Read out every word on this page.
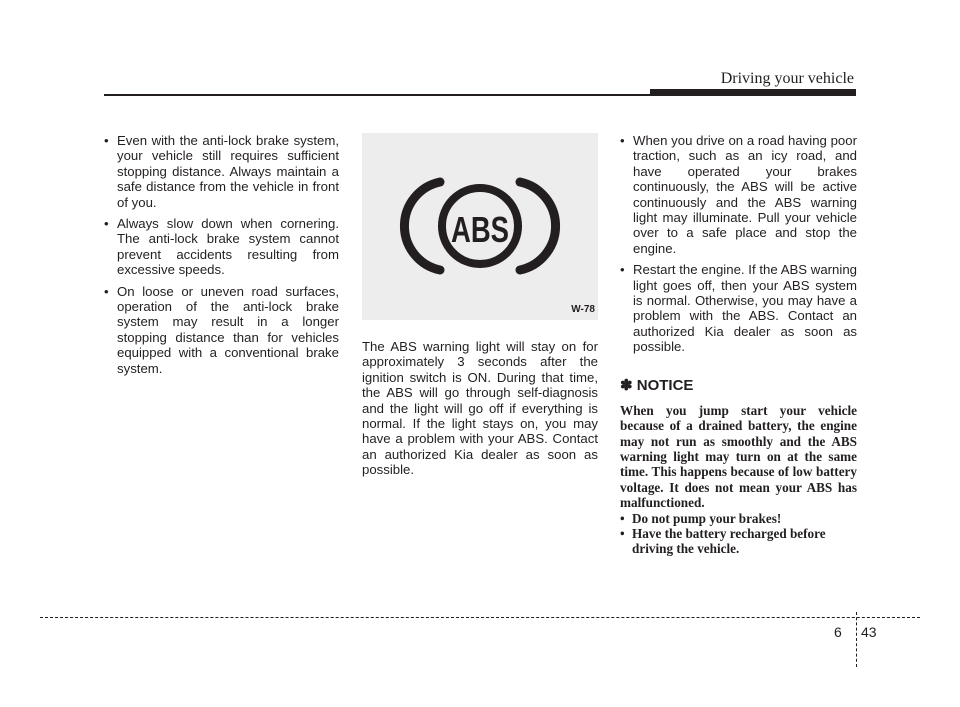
Driving your vehicle
• Even with the anti-lock brake system, your vehicle still requires sufficient stopping distance. Always maintain a safe distance from the vehicle in front of you.
• Always slow down when cornering. The anti-lock brake system cannot prevent accidents resulting from excessive speeds.
• On loose or uneven road surfaces, operation of the anti-lock brake system may result in a longer stopping distance than for vehicles equipped with a conventional brake system.
ABS
W-78

The ABS warning light will stay on for approximately 3 seconds after the ignition switch is ON. During that time, the ABS will go through self-diagnosis and the light will go off if everything is normal. If the light stays on, you may have a problem with your ABS. Contact an authorized Kia dealer as soon as possible.

• When you drive on a road having poor traction, such as an icy road, and have operated your brakes continuously, the ABS will be active continuously and the ABS warning light may illuminate. Pull your vehicle over to a safe place and stop the engine.
• Restart the engine. If the ABS warning light goes off, then your ABS system is normal. Otherwise, you may have a problem with the ABS. Contact an authorized Kia dealer as soon as possible.
✽ NOTICE

When you jump start your vehicle because of a drained battery, the engine may not run as smoothly and the ABS warning light may turn on at the same time. This happens because of low battery voltage. It does not mean your ABS has malfunctioned.

• Do not pump your brakes!
• Have the battery recharged before driving the vehicle.
6 43
